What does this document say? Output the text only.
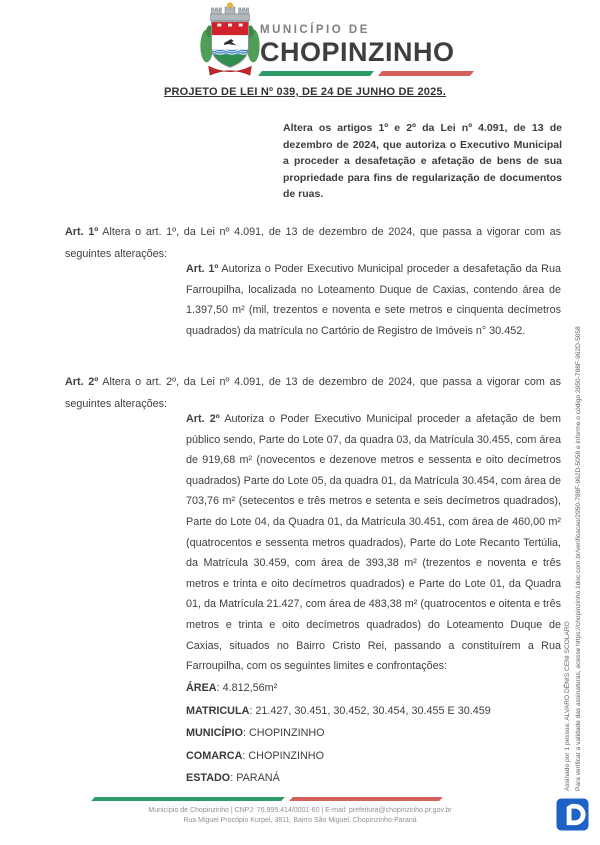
MUNICÍPIO DE
CHOPINZINHO
PROJETO DE LEI Nº 039, DE 24 DE JUNHO DE 2025.

Altera os artigos 1º e 2º da Lei nº 4.091, de 13 de dezembro de 2024, que autoriza o Executivo Municipal a proceder a desafetação e afetação de bens de sua propriedade para fins de regularização de documentos de ruas.

Art. 1º Altera o art. 1º, da Lei nº 4.091, de 13 de dezembro de 2024, que passa a vigorar com as seguintes alterações:

Art. 1º Autoriza o Poder Executivo Municipal proceder a desafetação da Rua Farroupilha, localizada no Loteamento Duque de Caxias, contendo área de 1.397,50 m² (mil, trezentos e noventa e sete metros e cinquenta decímetros quadrados) da matrícula no Cartório de Registro de Imóveis n° 30.452.

Art. 2º Altera o art. 2º, da Lei nº 4.091, de 13 de dezembro de 2024, que passa a vigorar com as seguintes alterações:

Art. 2º Autoriza o Poder Executivo Municipal proceder a afetação de bem público sendo, Parte do Lote 07, da quadra 03, da Matrícula 30.455, com área de 919,68 m² (novecentos e dezenove metros e sessenta e oito decímetros quadrados) Parte do Lote 05, da quadra 01, da Matrícula 30.454, com área de 703,76 m² (setecentos e três metros e setenta e seis decímetros quadrados), Parte do Lote 04, da Quadra 01, da Matrícula 30.451, com área de 460,00 m² (quatrocentos e sessenta metros quadrados), Parte do Lote Recanto Tertúlia, da Matrícula 30.459, com área de 393,38 m² (trezentos e noventa e três metros e trinta e oito decímetros quadrados) e Parte do Lote 01, da Quadra 01, da Matrícula 21.427, com área de 483,38 m² (quatrocentos e oitenta e três metros e trinta e oito decímetros quadrados) do Loteamento Duque de Caxias, situados no Bairro Cristo Rei, passando a constituírem a Rua Farroupilha, com os seguintes limites e confrontações:

ÁREA: 4.812,56m²
MATRICULA: 21.427, 30.451, 30.452, 30.454, 30.455 E 30.459
MUNICÍPIO: CHOPINZINHO
COMARCA: CHOPINZINHO
ESTADO: PARANÁ
Município de Chopinzinho | CNPJ: 76.995.414/0001-60 | E-mail: prefeitura@chopinzinho.pr.gov.br
Rua Miguel Procópio Kurpel, 3811, Bairro São Miguel, Chopinzinho-Paraná
Assinado por 1 pessoa: ALVARO DÊNIS CENI SCOLARO Para verificar a validade das assinaturas, acesse https://chopinzinho.1doc.com.br/verificacao/2950-788F-962D-5058 e informe o código 2950-788F-962D-5058
